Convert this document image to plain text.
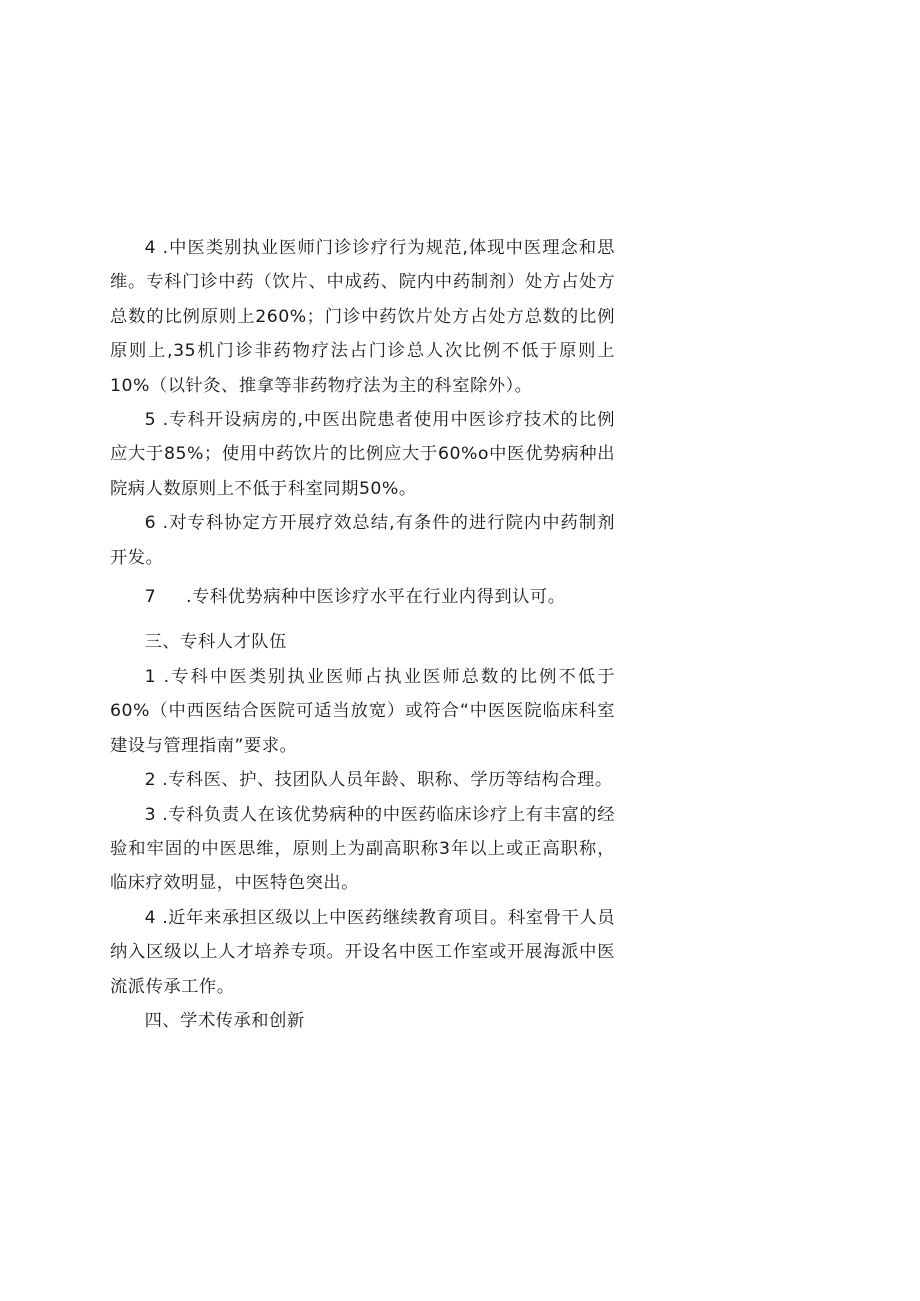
4 .中医类别执业医师门诊诊疗行为规范,体现中医理念和思维。专科门诊中药（饮片、中成药、院内中药制剂）处方占处方总数的比例原则上260%；门诊中药饮片处方占处方总数的比例原则上,35机门诊非药物疗法占门诊总人次比例不低于原则上10%（以针灸、推拿等非药物疗法为主的科室除外）。

5 .专科开设病房的,中医出院患者使用中医诊疗技术的比例应大于85%；使用中药饮片的比例应大于60%o中医优势病种出院病人数原则上不低于科室同期50%。

6 .对专科协定方开展疗效总结,有条件的进行院内中药制剂开发。

7 .专科优势病种中医诊疗水平在行业内得到认可。

三、专科人才队伍

1 .专科中医类别执业医师占执业医师总数的比例不低于60%（中西医结合医院可适当放宽）或符合“中医医院临床科室建设与管理指南”要求。

2 .专科医、护、技团队人员年龄、职称、学历等结构合理。

3 .专科负责人在该优势病种的中医药临床诊疗上有丰富的经验和牢固的中医思维，原则上为副高职称3年以上或正高职称，临床疗效明显，中医特色突出。

4 .近年来承担区级以上中医药继续教育项目。科室骨干人员纳入区级以上人才培养专项。开设名中医工作室或开展海派中医流派传承工作。

四、学术传承和创新
